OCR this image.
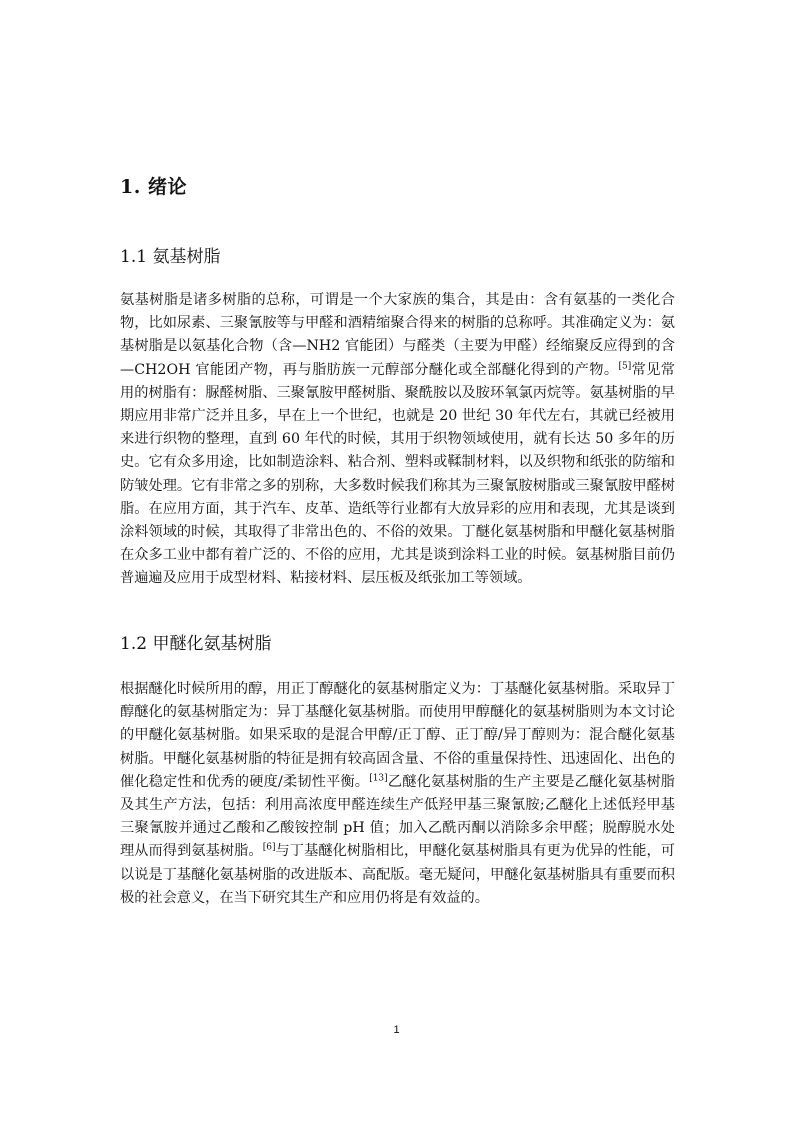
1. 绪论
1.1 氨基树脂

氨基树脂是诸多树脂的总称，可谓是一个大家族的集合，其是由：含有氨基的一类化合物，比如尿素、三聚氰胺等与甲醛和酒精缩聚合得来的树脂的总称呼。其准确定义为：氨基树脂是以氨基化合物（含—NH2 官能团）与醛类（主要为甲醛）经缩聚反应得到的含—CH2OH 官能团产物，再与脂肪族一元醇部分醚化或全部醚化得到的产物。[5]常见常用的树脂有：脲醛树脂、三聚氰胺甲醛树脂、聚酰胺以及胺环氧氯丙烷等。氨基树脂的早期应用非常广泛并且多，早在上一个世纪，也就是 20 世纪 30 年代左右，其就已经被用来进行织物的整理，直到 60 年代的时候，其用于织物领域使用，就有长达 50 多年的历史。它有众多用途，比如制造涂料、粘合剂、塑料或鞣制材料，以及织物和纸张的防缩和防皱处理。它有非常之多的别称，大多数时候我们称其为三聚氰胺树脂或三聚氰胺甲醛树脂。在应用方面，其于汽车、皮革、造纸等行业都有大放异彩的应用和表现，尤其是谈到涂料领域的时候，其取得了非常出色的、不俗的效果。丁醚化氨基树脂和甲醚化氨基树脂在众多工业中都有着广泛的、不俗的应用，尤其是谈到涂料工业的时候。氨基树脂目前仍普遍遍及应用于成型材料、粘接材料、层压板及纸张加工等领域。

1.2 甲醚化氨基树脂

根据醚化时候所用的醇，用正丁醇醚化的氨基树脂定义为：丁基醚化氨基树脂。采取异丁醇醚化的氨基树脂定为：异丁基醚化氨基树脂。而使用甲醇醚化的氨基树脂则为本文讨论的甲醚化氨基树脂。如果采取的是混合甲醇/正丁醇、正丁醇/异丁醇则为：混合醚化氨基树脂。甲醚化氨基树脂的特征是拥有较高固含量、不俗的重量保持性、迅速固化、出色的催化稳定性和优秀的硬度/柔韧性平衡。[13]乙醚化氨基树脂的生产主要是乙醚化氨基树脂及其生产方法，包括：利用高浓度甲醛连续生产低羟甲基三聚氰胺;乙醚化上述低羟甲基三聚氰胺并通过乙酸和乙酸铵控制 pH 值；加入乙酰丙酮以消除多余甲醛；脱醇脱水处理从而得到氨基树脂。[6]与丁基醚化树脂相比，甲醚化氨基树脂具有更为优异的性能，可以说是丁基醚化氨基树脂的改进版本、高配版。毫无疑问，甲醚化氨基树脂具有重要而积极的社会意义，在当下研究其生产和应用仍将是有效益的。

1
